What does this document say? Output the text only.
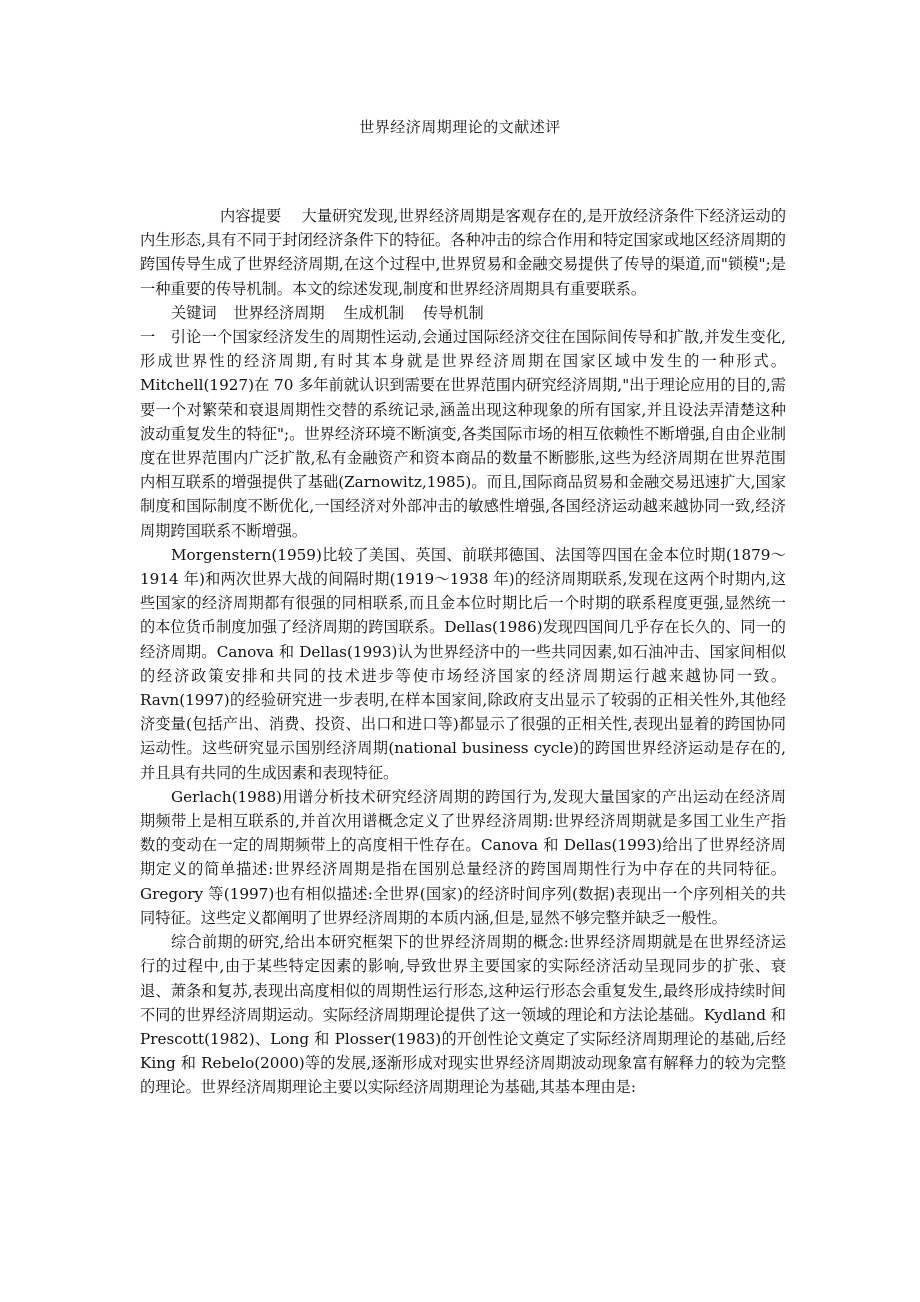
世界经济周期理论的文献述评

内容提要　 大量研究发现,世界经济周期是客观存在的,是开放经济条件下经济运动的内生形态,具有不同于封闭经济条件下的特征。各种冲击的综合作用和特定国家或地区经济周期的跨国传导生成了世界经济周期,在这个过程中,世界贸易和金融交易提供了传导的渠道,而"锁模";是一种重要的传导机制。本文的综述发现,制度和世界经济周期具有重要联系。

关键词 世界经济周期 生成机制 传导机制

一　引论一个国家经济发生的周期性运动,会通过国际经济交往在国际间传导和扩散,并发生变化,形成世界性的经济周期,有时其本身就是世界经济周期在国家区域中发生的一种形式。Mitchell(1927)在 70 多年前就认识到需要在世界范围内研究经济周期,"出于理论应用的目的,需要一个对繁荣和衰退周期性交替的系统记录,涵盖出现这种现象的所有国家,并且设法弄清楚这种波动重复发生的特征";。世界经济环境不断演变,各类国际市场的相互依赖性不断增强,自由企业制度在世界范围内广泛扩散,私有金融资产和资本商品的数量不断膨胀,这些为经济周期在世界范围内相互联系的增强提供了基础(Zarnowitz,1985)。而且,国际商品贸易和金融交易迅速扩大,国家制度和国际制度不断优化,一国经济对外部冲击的敏感性增强,各国经济运动越来越协同一致,经济周期跨国联系不断增强。

Morgenstern(1959)比较了美国、英国、前联邦德国、法国等四国在金本位时期(1879～1914 年)和两次世界大战的间隔时期(1919～1938 年)的经济周期联系,发现在这两个时期内,这些国家的经济周期都有很强的同相联系,而且金本位时期比后一个时期的联系程度更强,显然统一的本位货币制度加强了经济周期的跨国联系。Dellas(1986)发现四国间几乎存在长久的、同一的经济周期。Canova 和 Dellas(1993)认为世界经济中的一些共同因素,如石油冲击、国家间相似的经济政策安排和共同的技术进步等使市场经济国家的经济周期运行越来越协同一致。Ravn(1997)的经验研究进一步表明,在样本国家间,除政府支出显示了较弱的正相关性外,其他经济变量(包括产出、消费、投资、出口和进口等)都显示了很强的正相关性,表现出显着的跨国协同运动性。这些研究显示国别经济周期(national business cycle)的跨国世界经济运动是存在的,并且具有共同的生成因素和表现特征。

Gerlach(1988)用谱分析技术研究经济周期的跨国行为,发现大量国家的产出运动在经济周期频带上是相互联系的,并首次用谱概念定义了世界经济周期:世界经济周期就是多国工业生产指数的变动在一定的周期频带上的高度相干性存在。Canova 和 Dellas(1993)给出了世界经济周期定义的简单描述:世界经济周期是指在国别总量经济的跨国周期性行为中存在的共同特征。Gregory 等(1997)也有相似描述:全世界(国家)的经济时间序列(数据)表现出一个序列相关的共同特征。这些定义都阐明了世界经济周期的本质内涵,但是,显然不够完整并缺乏一般性。

综合前期的研究,给出本研究框架下的世界经济周期的概念:世界经济周期就是在世界经济运行的过程中,由于某些特定因素的影响,导致世界主要国家的实际经济活动呈现同步的扩张、衰退、萧条和复苏,表现出高度相似的周期性运行形态,这种运行形态会重复发生,最终形成持续时间不同的世界经济周期运动。实际经济周期理论提供了这一领域的理论和方法论基础。Kydland 和 Prescott(1982)、Long 和 Plosser(1983)的开创性论文奠定了实际经济周期理论的基础,后经 King 和 Rebelo(2000)等的发展,逐渐形成对现实世界经济周期波动现象富有解释力的较为完整的理论。世界经济周期理论主要以实际经济周期理论为基础,其基本理由是:
